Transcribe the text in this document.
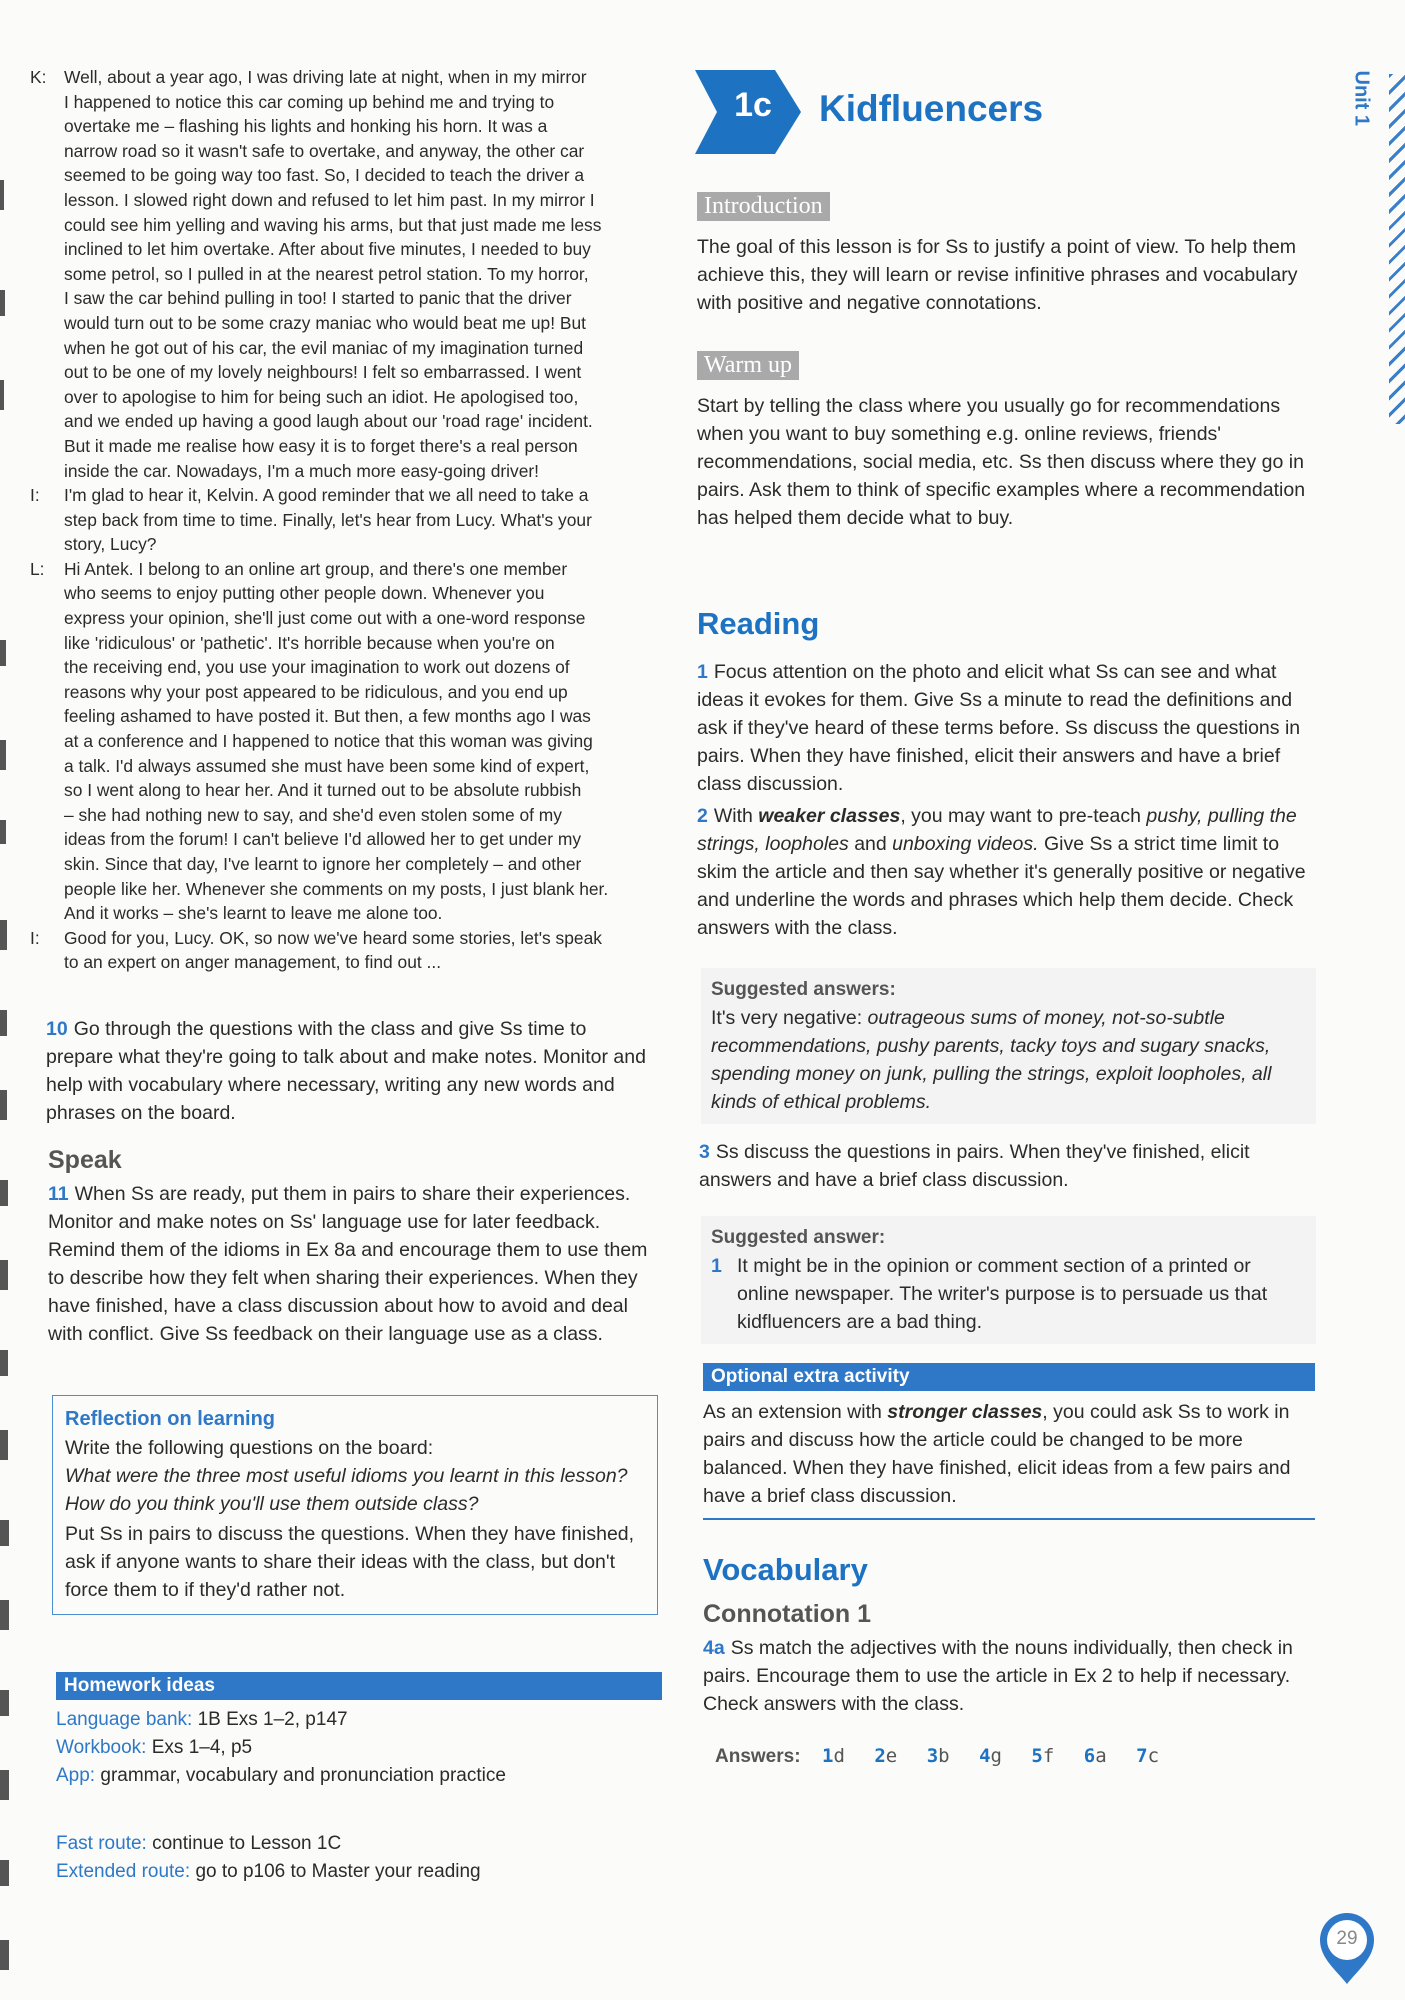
K:	Well, about a year ago, I was driving late at night, when in my mirror
I happened to notice this car coming up behind me and trying to
overtake me – flashing his lights and honking his horn. It was a
narrow road so it wasn't safe to overtake, and anyway, the other car
seemed to be going way too fast. So, I decided to teach the driver a
lesson. I slowed right down and refused to let him past. In my mirror I
could see him yelling and waving his arms, but that just made me less
inclined to let him overtake. After about five minutes, I needed to buy
some petrol, so I pulled in at the nearest petrol station. To my horror,
I saw the car behind pulling in too! I started to panic that the driver
would turn out to be some crazy maniac who would beat me up! But
when he got out of his car, the evil maniac of my imagination turned
out to be one of my lovely neighbours! I felt so embarrassed. I went
over to apologise to him for being such an idiot. He apologised too,
and we ended up having a good laugh about our 'road rage' incident.
But it made me realise how easy it is to forget there's a real person
inside the car. Nowadays, I'm a much more easy-going driver!
I:	I'm glad to hear it, Kelvin. A good reminder that we all need to take a
step back from time to time. Finally, let's hear from Lucy. What's your
story, Lucy?
L:	Hi Antek. I belong to an online art group, and there's one member
who seems to enjoy putting other people down. Whenever you
express your opinion, she'll just come out with a one-word response
like 'ridiculous' or 'pathetic'. It's horrible because when you're on
the receiving end, you use your imagination to work out dozens of
reasons why your post appeared to be ridiculous, and you end up
feeling ashamed to have posted it. But then, a few months ago I was
at a conference and I happened to notice that this woman was giving
a talk. I'd always assumed she must have been some kind of expert,
so I went along to hear her. And it turned out to be absolute rubbish
– she had nothing new to say, and she'd even stolen some of my
ideas from the forum! I can't believe I'd allowed her to get under my
skin. Since that day, I've learnt to ignore her completely – and other
people like her. Whenever she comments on my posts, I just blank her.
And it works – she's learnt to leave me alone too.
I:	Good for you, Lucy. OK, so now we've heard some stories, let's speak
to an expert on anger management, to find out ...

10 Go through the questions with the class and give Ss time to prepare what they're going to talk about and make notes. Monitor and help with vocabulary where necessary, writing any new words and phrases on the board.

Speak

11 When Ss are ready, put them in pairs to share their experiences. Monitor and make notes on Ss' language use for later feedback. Remind them of the idioms in Ex 8a and encourage them to use them to describe how they felt when sharing their experiences. When they have finished, have a class discussion about how to avoid and deal with conflict. Give Ss feedback on their language use as a class.

Reflection on learning

Write the following questions on the board:

What were the three most useful idioms you learnt in this lesson?

How do you think you'll use them outside class?

Put Ss in pairs to discuss the questions. When they have finished, ask if anyone wants to share their ideas with the class, but don't force them to if they'd rather not.

Homework ideas
Language bank: 1B Exs 1–2, p147
Workbook: Exs 1–4, p5
App: grammar, vocabulary and pronunciation practice
Fast route: continue to Lesson 1C
Extended route: go to p106 to Master your reading
1c Kidfluencers
Introduction

The goal of this lesson is for Ss to justify a point of view. To help them achieve this, they will learn or revise infinitive phrases and vocabulary with positive and negative connotations.

Warm up

Start by telling the class where you usually go for recommendations when you want to buy something e.g. online reviews, friends' recommendations, social media, etc. Ss then discuss where they go in pairs. Ask them to think of specific examples where a recommendation has helped them decide what to buy.

Reading

1 Focus attention on the photo and elicit what Ss can see and what ideas it evokes for them. Give Ss a minute to read the definitions and ask if they've heard of these terms before. Ss discuss the questions in pairs. When they have finished, elicit their answers and have a brief class discussion.

2 With weaker classes, you may want to pre-teach pushy, pulling the strings, loopholes and unboxing videos. Give Ss a strict time limit to skim the article and then say whether it's generally positive or negative and underline the words and phrases which help them decide. Check answers with the class.

Suggested answers:

It's very negative: outrageous sums of money, not-so-subtle recommendations, pushy parents, tacky toys and sugary snacks, spending money on junk, pulling the strings, exploit loopholes, all kinds of ethical problems.

3 Ss discuss the questions in pairs. When they've finished, elicit answers and have a brief class discussion.

Suggested answer:
1 It might be in the opinion or comment section of a printed or online newspaper. The writer's purpose is to persuade us that kidfluencers are a bad thing.
Optional extra activity

As an extension with stronger classes, you could ask Ss to work in pairs and discuss how the article could be changed to be more balanced. When they have finished, elicit ideas from a few pairs and have a brief class discussion.

Vocabulary
Connotation 1

4a Ss match the adjectives with the nouns individually, then check in pairs. Encourage them to use the article in Ex 2 to help if necessary. Check answers with the class.

Answers: 1d 2e 3b 4g 5f 6a 7c
Unit 1
29
